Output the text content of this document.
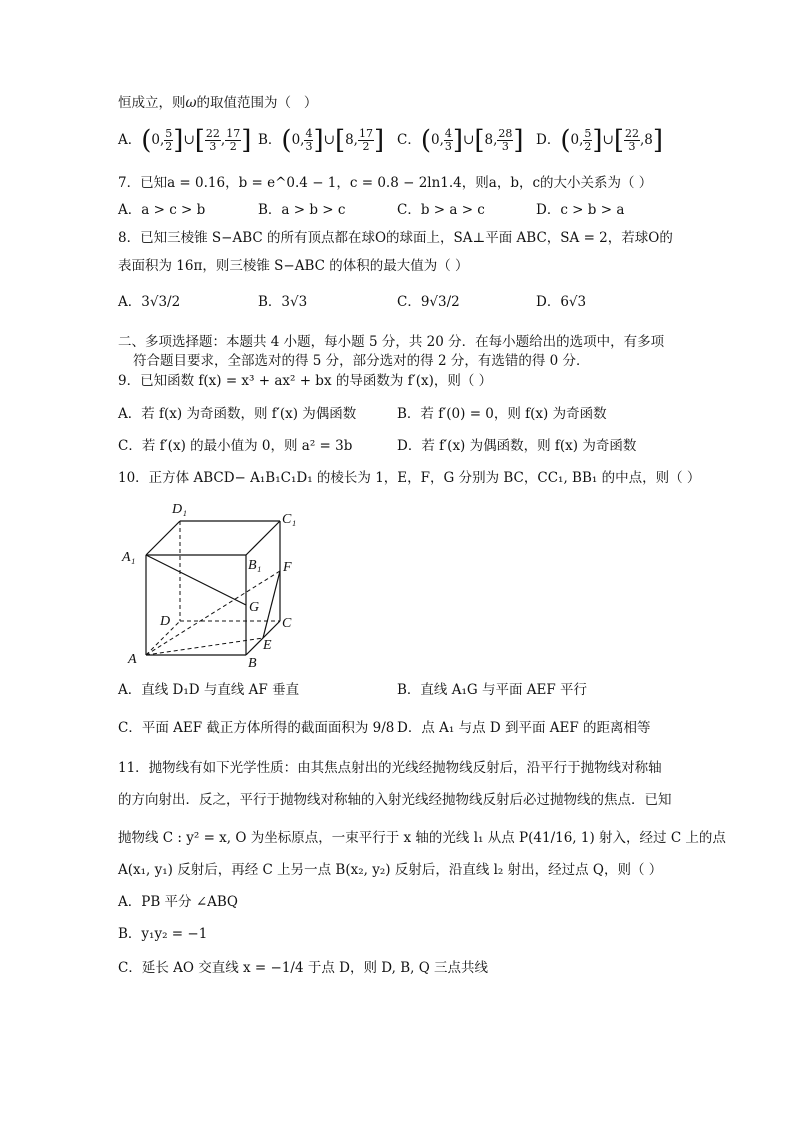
恒成立，则ω的取值范围为（   ）
A．(0, $\frac{5}{2}$ ]∪[ $\frac{22}{3}$ , $\frac{17}{2}$ ] B．(0, $\frac{4}{3}$ ]∪[8, $\frac{17}{2}$ ] C．(0, $\frac{4}{3}$ ]∪[8, $\frac{28}{3}$ ] D．(0, $\frac{5}{2}$ ]∪[ $\frac{22}{3} ,8$]
7．已知a = 0.16，b = e^0.4 − 1，c = 0.8 − 2ln1.4，则a，b，c的大小关系为（ ）
A．a > c > b	B．a > b > c	C．b > a > c	D．c > b > a
8．已知三棱锥 S−ABC 的所有顶点都在球O的球面上，SA⊥平面 ABC，SA = 2，若球O的
表面积为 16π，则三棱锥 S−ABC 的体积的最大值为（ ）
A．3√3/2	B．3√3	C．9√3/2	D．6√3
二、多项选择题：本题共 4 小题，每小题 5 分，共 20 分．在每小题给出的选项中，有多项
符合题目要求，全部选对的得 5 分，部分选对的得 2 分，有选错的得 0 分．
9．已知函数 f(x) = x³ + ax² + bx 的导函数为 f′(x)，则（ ）
A．若 f(x) 为奇函数，则 f′(x) 为偶函数	B．若 f′(0) = 0，则 f(x) 为奇函数
C．若 f′(x) 的最小值为 0，则 a² = 3b	D．若 f′(x) 为偶函数，则 f(x) 为奇函数
10．正方体 ABCD− A₁B₁C₁D₁ 的棱长为 1，E，F，G 分别为 BC，CC₁, BB₁ 的中点，则（ ）
D₁
C₁
A₁
B₁ F
G
D	C
E
A	B
A．直线 D₁D 与直线 AF 垂直	B．直线 A₁G 与平面 AEF 平行
C．平面 AEF 截正方体所得的截面面积为 9/8 D．点 A₁ 与点 D 到平面 AEF 的距离相等
11．抛物线有如下光学性质：由其焦点射出的光线经抛物线反射后，沿平行于抛物线对称轴
的方向射出．反之，平行于抛物线对称轴的入射光线经抛物线反射后必过抛物线的焦点．已知
抛物线 C : y² = x, O 为坐标原点，一束平行于 x 轴的光线 l₁ 从点 P(41/16, 1) 射入，经过 C 上的点
A(x₁, y₁) 反射后，再经 C 上另一点 B(x₂, y₂) 反射后，沿直线 l₂ 射出，经过点 Q，则（ ）
A．PB 平分 ∠ABQ
B．y₁y₂ = −1
C．延长 AO 交直线 x = −1/4 于点 D，则 D, B, Q 三点共线
